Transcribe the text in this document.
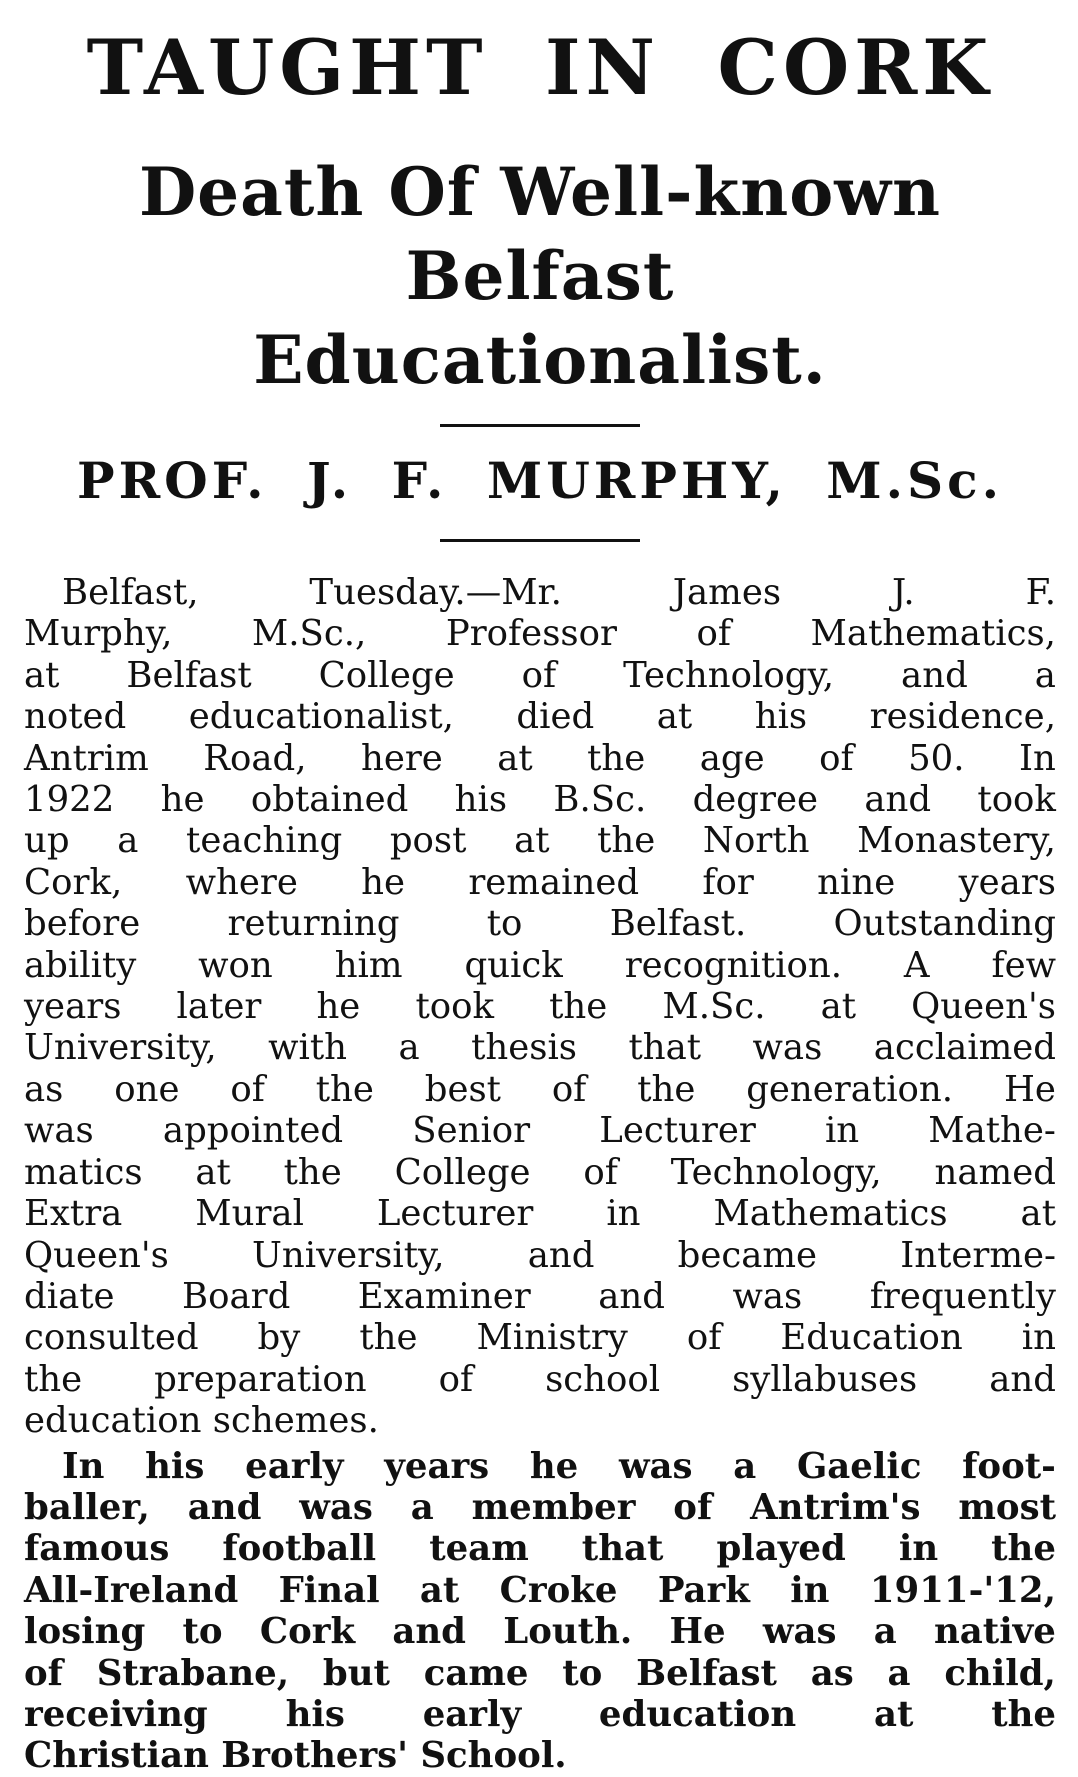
TAUGHT IN CORK
Death Of Well-known Belfast
Educationalist.
PROF. J. F. MURPHY, M.Sc.
Belfast,	Tuesday.—Mr.	James	J.	F.
Murphy, M.Sc., Professor of Mathematics,
at Belfast College of Technology, and a
noted educationalist, died at his residence,
Antrim Road, here at the age of 50. In
1922 he obtained his B.Sc. degree and took
up a teaching post at the North Monastery,
Cork, where he remained for nine years
before returning to Belfast. Outstanding
ability won him quick recognition. A few
years later he took the M.Sc. at Queen's
University, with a thesis that was acclaimed
as one of the best of the generation. He
was appointed Senior Lecturer in Mathe-
matics at the College of Technology, named
Extra Mural Lecturer in Mathematics at
Queen's University, and became Interme-
diate Board Examiner and was frequently
consulted by the Ministry of Education in
the preparation of school syllabuses and
education schemes.
In his early years he was a Gaelic foot-
baller, and was a member of Antrim's most
famous football team that played in the
All-Ireland Final at Croke Park in 1911-'12,
losing to Cork and Louth. He was a native
of Strabane, but came to Belfast as a child,
receiving his early education at the
Christian Brothers' School.
